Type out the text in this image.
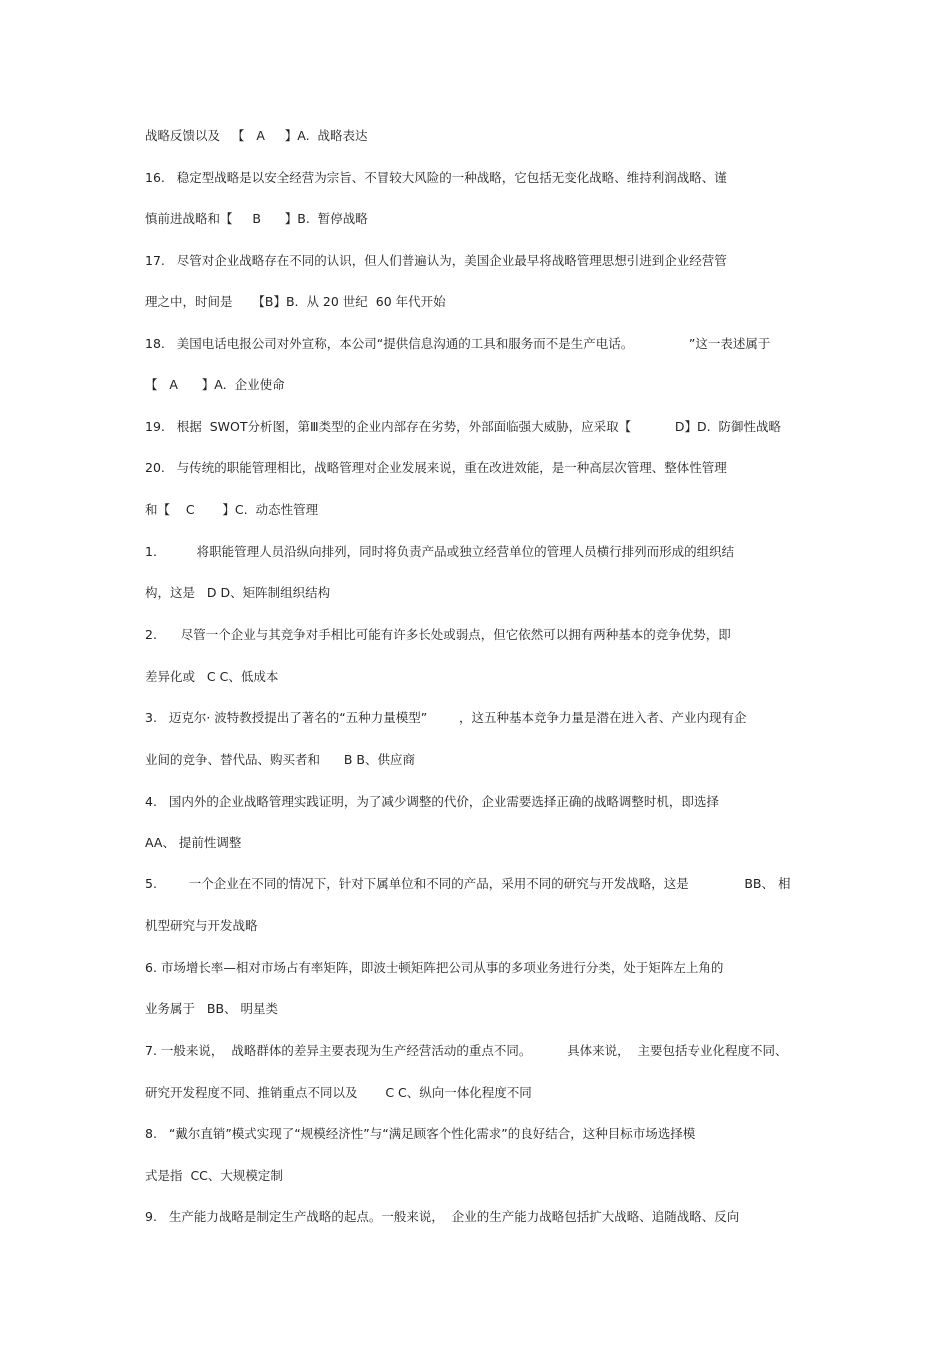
战略反馈以及   【   A     】A.  战略表达
16.   稳定型战略是以安全经营为宗旨、不冒较大风险的一种战略，它包括无变化战略、维持利润战略、谨
慎前进战略和【     B      】B.  暂停战略
17.   尽管对企业战略存在不同的认识，但人们普遍认为，美国企业最早将战略管理思想引进到企业经营管
理之中，时间是     【B】B.  从 20 世纪  60 年代开始
18.   美国电话电报公司对外宣称，本公司“提供信息沟通的工具和服务而不是生产电话。              ”这一表述属于
【   A      】A.  企业使命
19.   根据  SWOT分析图，第Ⅲ类型的企业内部存在劣势，外部面临强大威胁，应采取【           D】D.  防御性战略
20.   与传统的职能管理相比，战略管理对企业发展来说，重在改进效能，是一种高层次管理、整体性管理
和【    C       】C.  动态性管理
1.          将职能管理人员沿纵向排列，同时将负责产品或独立经营单位的管理人员横行排列而形成的组织结
构，这是   D D、矩阵制组织结构
2.      尽管一个企业与其竞争对手相比可能有许多长处或弱点，但它依然可以拥有两种基本的竞争优势，即
差异化或   C C、低成本
3.   迈克尔· 波特教授提出了著名的“五种力量模型”        ，这五种基本竞争力量是潜在进入者、产业内现有企
业间的竞争、替代品、购买者和      B B、供应商
4.   国内外的企业战略管理实践证明，为了减少调整的代价，企业需要选择正确的战略调整时机，即选择
AA、 提前性调整
5.        一个企业在不同的情况下，针对下属单位和不同的产品，采用不同的研究与开发战略，这是              BB、 相
机型研究与开发战略
6. 市场增长率—相对市场占有率矩阵，即波士顿矩阵把公司从事的多项业务进行分类，处于矩阵左上角的
业务属于   BB、 明星类
7. 一般来说，  战略群体的差异主要表现为生产经营活动的重点不同。         具体来说，  主要包括专业化程度不同、
研究开发程度不同、推销重点不同以及       C C、纵向一体化程度不同
8.   “戴尔直销”模式实现了“规模经济性”与“满足顾客个性化需求”的良好结合，这种目标市场选择模
式是指  CC、大规模定制
9.   生产能力战略是制定生产战略的起点。一般来说，  企业的生产能力战略包括扩大战略、追随战略、反向
